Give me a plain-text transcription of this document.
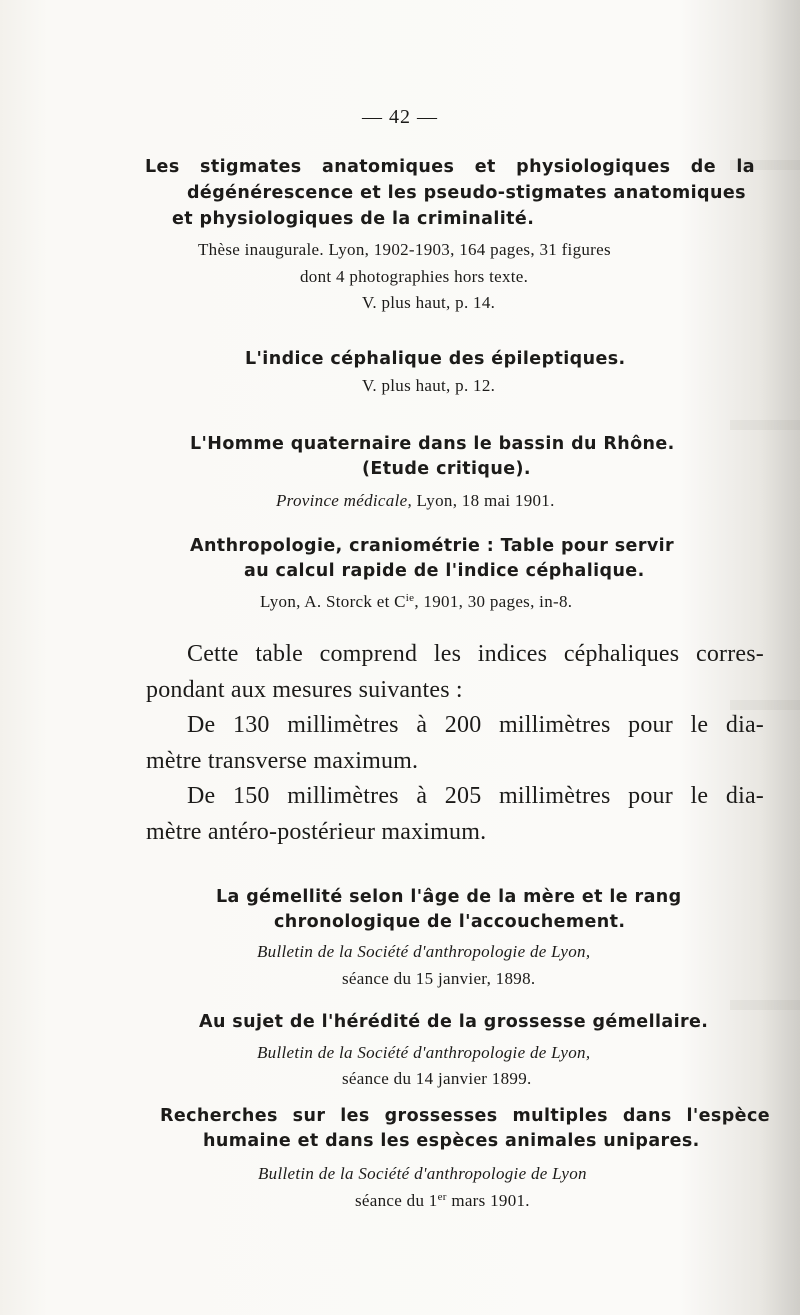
— 42 —
Les stigmates anatomiques et physiologiques de la
dégénérescence et les pseudo-stigmates anatomiques
et physiologiques de la criminalité.
Thèse inaugurale. Lyon, 1902-1903, 164 pages, 31 figures
dont 4 photographies hors texte.
V. plus haut, p. 14.
L'indice céphalique des épileptiques.
V. plus haut, p. 12.
L'Homme quaternaire dans le bassin du Rhône.
(Etude critique).
Province médicale, Lyon, 18 mai 1901.
Anthropologie, craniométrie : Table pour servir
au calcul rapide de l'indice céphalique.
Lyon, A. Storck et $C^{ie}$, 1901, 30 pages, in-8.
Cette table comprend les indices céphaliques corres-
pondant aux mesures suivantes :
De 130 millimètres à 200 millimètres pour le dia-
mètre transverse maximum.
De 150 millimètres à 205 millimètres pour le dia-
mètre antéro-postérieur maximum.
La gémellité selon l'âge de la mère et le rang
chronologique de l'accouchement.
Bulletin de la Société d'anthropologie de Lyon,
séance du 15 janvier, 1898.
Au sujet de l'hérédité de la grossesse gémellaire.
Bulletin de la Société d'anthropologie de Lyon,
séance du 14 janvier 1899.
Recherches sur les grossesses multiples dans l'espèce
humaine et dans les espèces animales unipares.
Bulletin de la Société d'anthropologie de Lyon
séance du 1er mars 1901.
